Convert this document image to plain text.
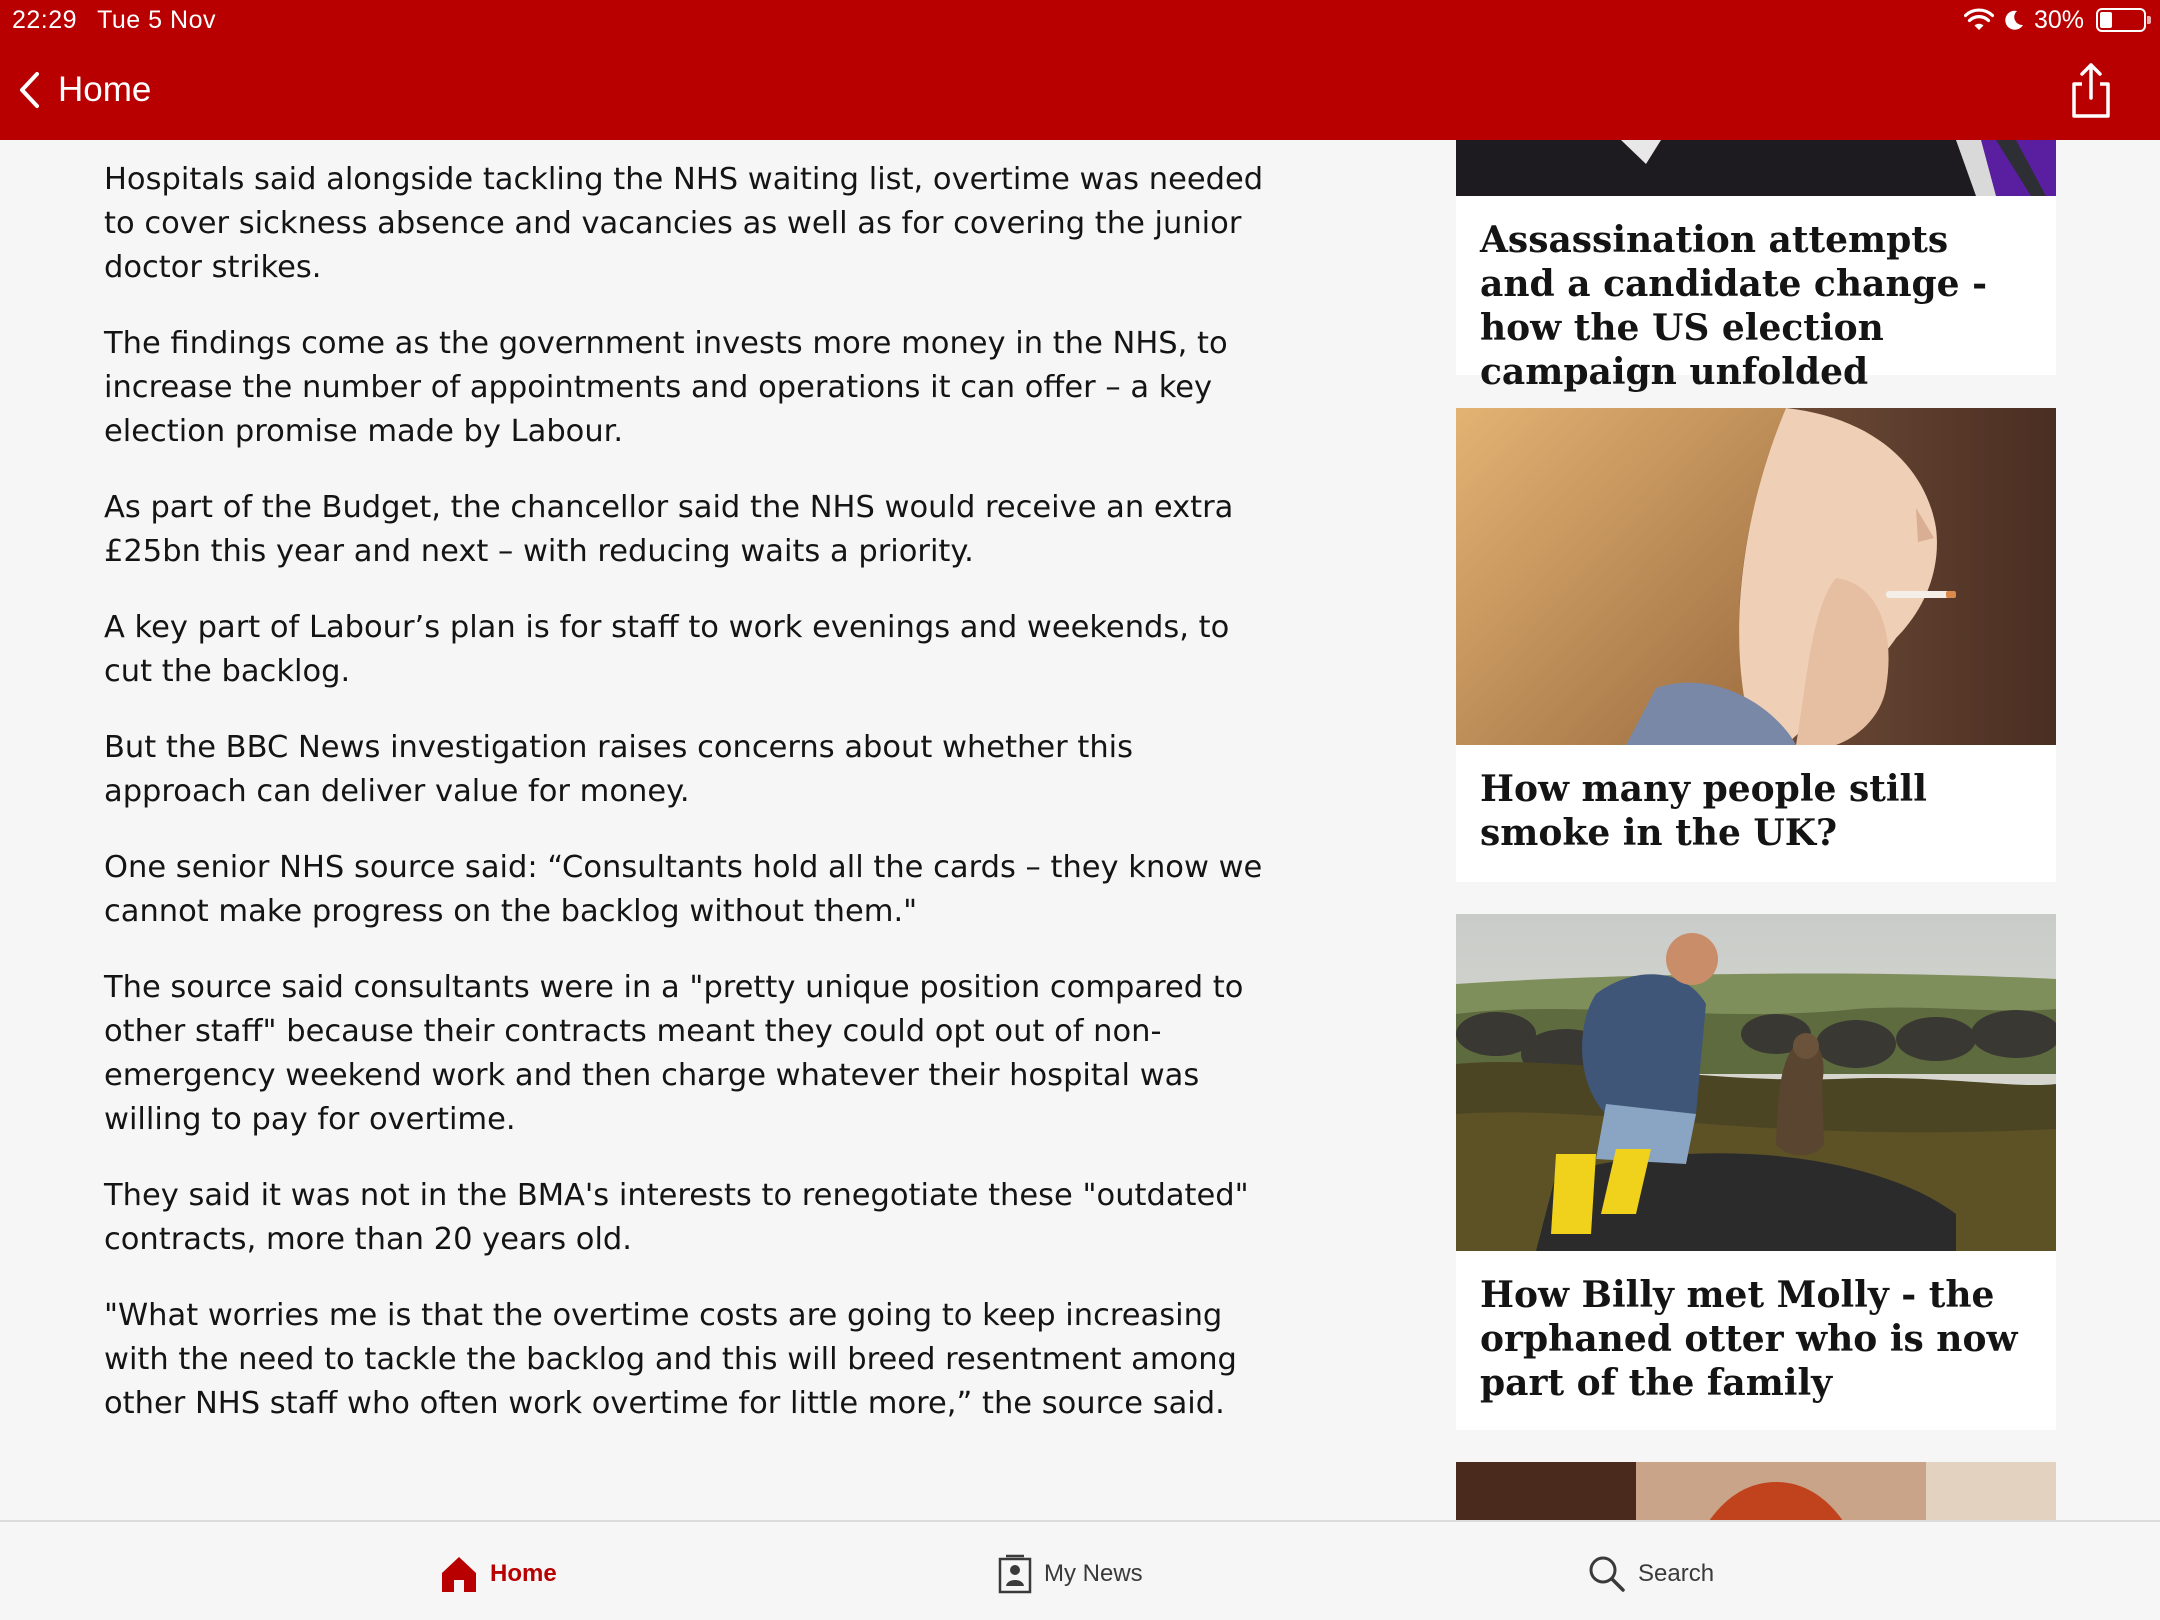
22:29 Tue 5 Nov	30%
Home

Hospitals said alongside tackling the NHS waiting list, overtime was needed to cover sickness absence and vacancies as well as for covering the junior doctor strikes.

The findings come as the government invests more money in the NHS, to increase the number of appointments and operations it can offer – a key election promise made by Labour.

As part of the Budget, the chancellor said the NHS would receive an extra £25bn this year and next – with reducing waits a priority.

A key part of Labour’s plan is for staff to work evenings and weekends, to cut the backlog.

But the BBC News investigation raises concerns about whether this approach can deliver value for money.

One senior NHS source said: “Consultants hold all the cards – they know we cannot make progress on the backlog without them."

The source said consultants were in a "pretty unique position compared to other staff" because their contracts meant they could opt out of non-emergency weekend work and then charge whatever their hospital was willing to pay for overtime.

They said it was not in the BMA's interests to renegotiate these "outdated" contracts, more than 20 years old.

"What worries me is that the overtime costs are going to keep increasing with the need to tackle the backlog and this will breed resentment among other NHS staff who often work overtime for little more,” the source said.

Assassination attempts and a candidate change - how the US election campaign unfolded
How many people still smoke in the UK?
How Billy met Molly - the orphaned otter who is now part of the family
Home	My News	Search
